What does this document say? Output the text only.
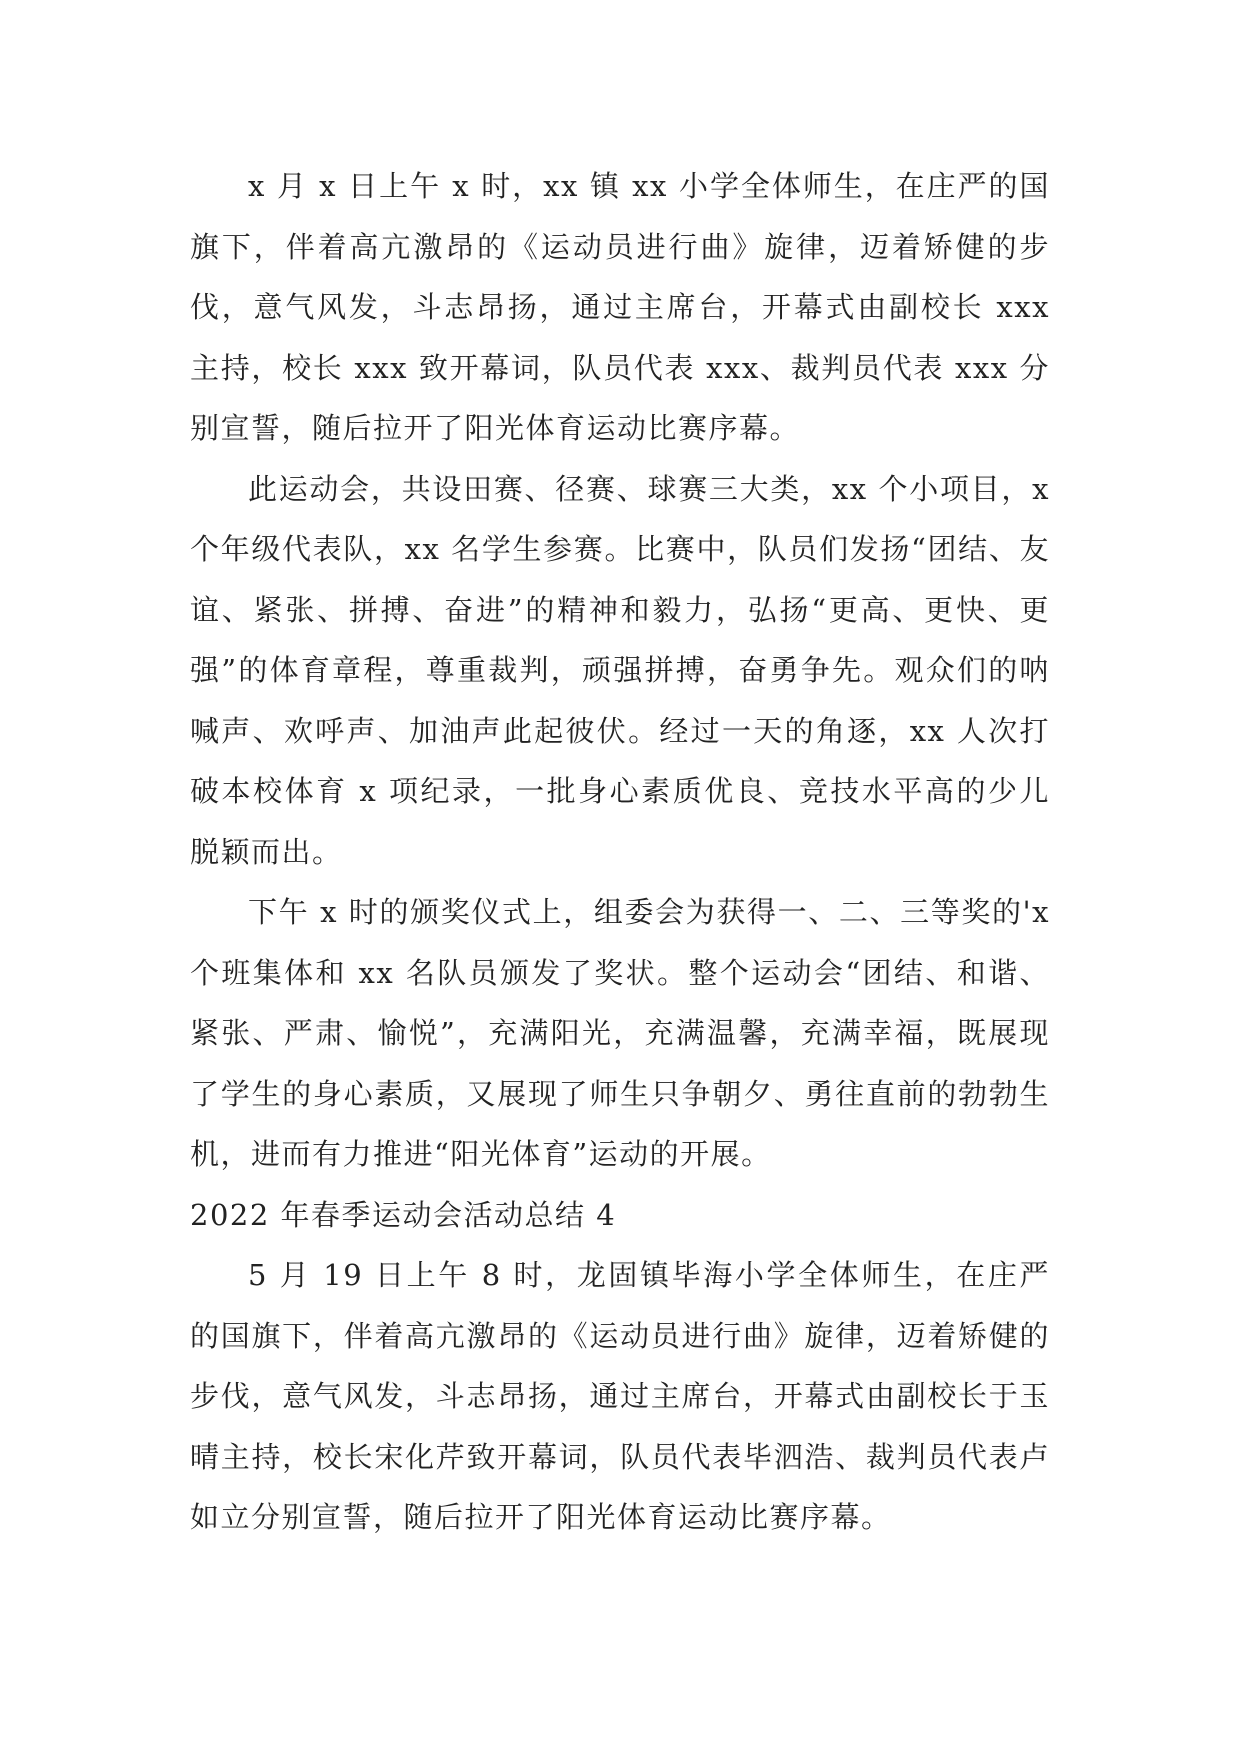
x 月 x 日上午 x 时，xx 镇 xx 小学全体师生，在庄严的国旗下，伴着高亢激昂的《运动员进行曲》旋律，迈着矫健的步伐，意气风发，斗志昂扬，通过主席台，开幕式由副校长 xxx 主持，校长 xxx 致开幕词，队员代表 xxx、裁判员代表 xxx 分别宣誓，随后拉开了阳光体育运动比赛序幕。

此运动会，共设田赛、径赛、球赛三大类，xx 个小项目，x 个年级代表队，xx 名学生参赛。比赛中，队员们发扬“团结、友谊、紧张、拼搏、奋进”的精神和毅力，弘扬“更高、更快、更强”的体育章程，尊重裁判，顽强拼搏，奋勇争先。观众们的呐喊声、欢呼声、加油声此起彼伏。经过一天的角逐，xx 人次打破本校体育 x 项纪录，一批身心素质优良、竞技水平高的少儿脱颖而出。

下午 x 时的颁奖仪式上，组委会为获得一、二、三等奖的'x 个班集体和 xx 名队员颁发了奖状。整个运动会“团结、和谐、紧张、严肃、愉悦”，充满阳光，充满温馨，充满幸福，既展现了学生的身心素质，又展现了师生只争朝夕、勇往直前的勃勃生机，进而有力推进“阳光体育”运动的开展。

2022 年春季运动会活动总结 4

5 月 19 日上午 8 时，龙固镇毕海小学全体师生，在庄严的国旗下，伴着高亢激昂的《运动员进行曲》旋律，迈着矫健的步伐，意气风发，斗志昂扬，通过主席台，开幕式由副校长于玉晴主持，校长宋化芹致开幕词，队员代表毕泗浩、裁判员代表卢如立分别宣誓，随后拉开了阳光体育运动比赛序幕。
